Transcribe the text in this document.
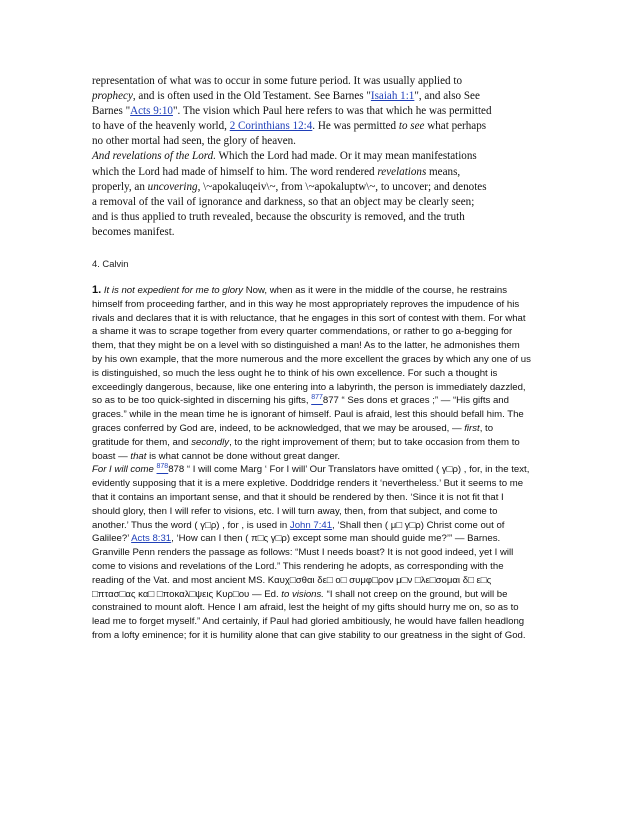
representation of what was to occur in some future period. It was usually applied to

prophecy, and is often used in the Old Testament. See Barnes "Isaiah 1:1", and also See

Barnes "Acts 9:10". The vision which Paul here refers to was that which he was permitted

to have of the heavenly world, 2 Corinthians 12:4. He was permitted to see what perhaps

no other mortal had seen, the glory of heaven.

And revelations of the Lord. Which the Lord had made. Or it may mean manifestations

which the Lord had made of himself to him. The word rendered revelations means,

properly, an uncovering, \~apokaluqeiv\~, from \~apokaluptw\~, to uncover; and denotes

a removal of the vail of ignorance and darkness, so that an object may be clearly seen;

and is thus applied to truth revealed, because the obscurity is removed, and the truth

becomes manifest.

4. Calvin

1. It is not expedient for me to glory Now, when as it were in the middle of the course, he restrains himself from proceeding farther, and in this way he most appropriately reproves the impudence of his rivals and declares that it is with reluctance, that he engages in this sort of contest with them. For what a shame it was to scrape together from every quarter commendations, or rather to go a-begging for them, that they might be on a level with so distinguished a man! As to the latter, he admonishes them by his own example, that the more numerous and the more excellent the graces by which any one of us is distinguished, so much the less ought he to think of his own excellence. For such a thought is exceedingly dangerous, because, like one entering into a labyrinth, the person is immediately dazzled, so as to be too quick-sighted in discerning his gifts, $^{877}$877 “ Ses dons et graces ;” — “His gifts and graces.” while in the mean time he is ignorant of himself. Paul is afraid, lest this should befall him. The graces conferred by God are, indeed, to be acknowledged, that we may be aroused, — first, to gratitude for them, and secondly, to the right improvement of them; but to take occasion from them to boast — that is what cannot be done without great danger.

For I will come $^{878}$878 “ I will come Marg ‘ For I will’ Our Translators have omitted ( γ□ρ) , for, in the text, evidently supposing that it is a mere expletive. Doddridge renders it ‘nevertheless.’ But it seems to me that it contains an important sense, and that it should be rendered by then. ‘Since it is not fit that I should glory, then I will refer to visions, etc. I will turn away, then, from that subject, and come to another.’ Thus the word ( γ□ρ) , for , is used in John 7:41, ‘Shall then ( μ□ γ□ρ) Christ come out of Galilee?’ Acts 8:31, ‘How can I then ( π□ς γ□ρ) except some man should guide me?’” — Barnes. Granville Penn renders the passage as follows: “Must I needs boast? It is not good indeed, yet I will come to visions and revelations of the Lord.” This rendering he adopts, as corresponding with the reading of the Vat. and most ancient MS. Καυχ□σθαι δε□ ο□ συμφ□ρον μ□ν □λε□σομαι δ□ ε□ς □πτασ□ας κα□ □ποκαλ□ψεις Κυρ□ου — Ed. to visions. “I shall not creep on the ground, but will be constrained to mount aloft. Hence I am afraid, lest the height of my gifts should hurry me on, so as to lead me to forget myself.” And certainly, if Paul had gloried ambitiously, he would have fallen headlong from a lofty eminence; for it is humility alone that can give stability to our greatness in the sight of God.
